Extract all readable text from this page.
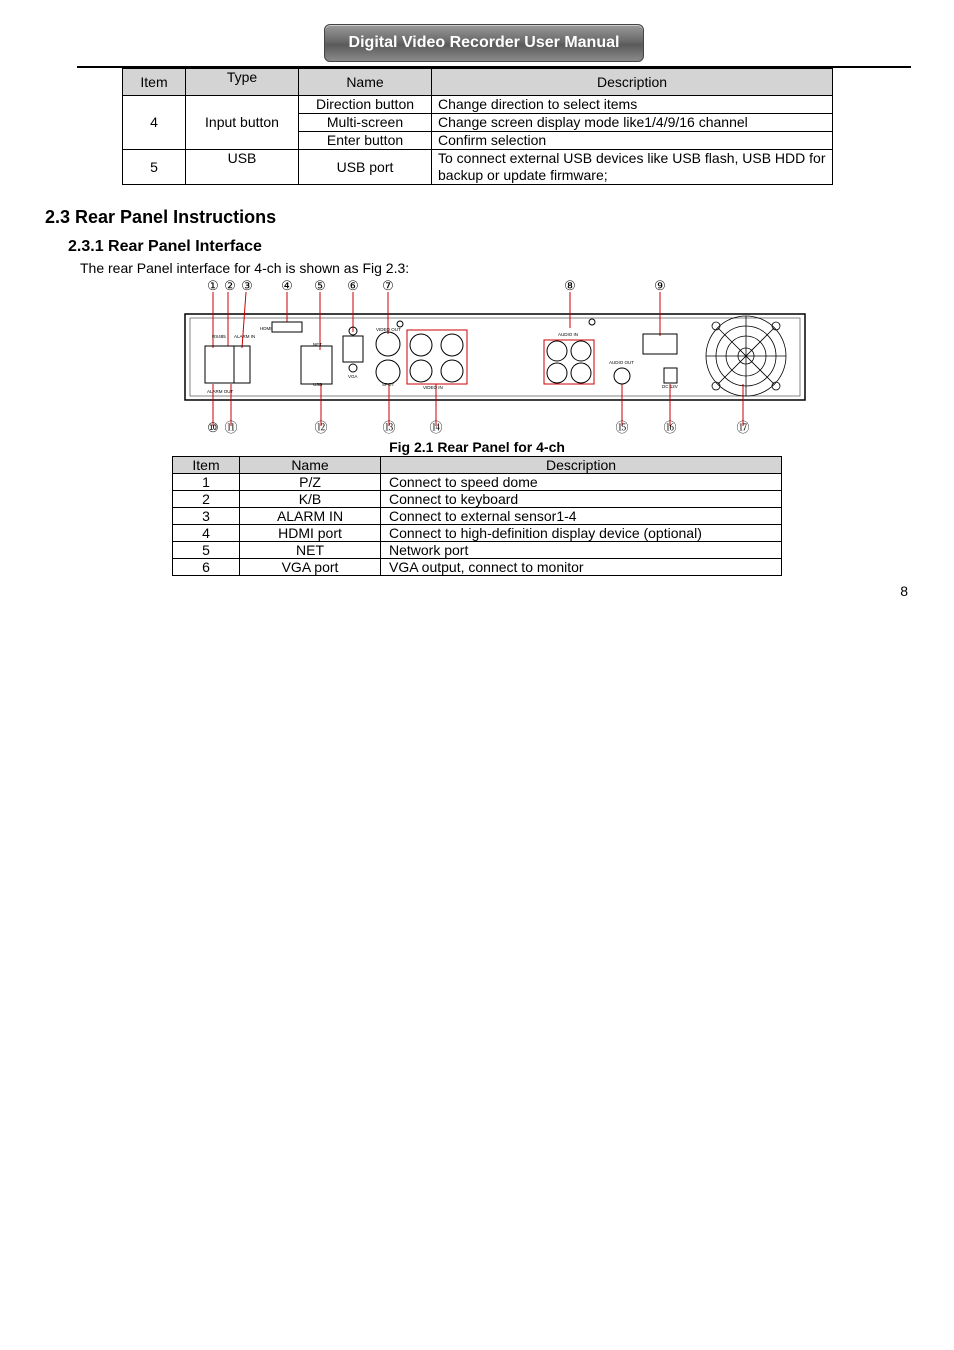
Digital Video Recorder User Manual
Item	Type	Name	Description
4	Input button	Direction button	Change direction to select items
		Multi-screen	Change screen display mode like1/4/9/16 channel
		Enter button	Confirm selection
5	USB	USB port	To connect external USB devices like USB flash, USB HDD for backup or update firmware;
2.3 Rear Panel Instructions
2.3.1 Rear Panel Interface
The rear Panel interface for 4-ch is shown as Fig 2.3:
RS485 ALARM IN
HDMI
NET
USB
VGA
VIDEO OUT
SPOT
VIDEO IN
AUDIO IN
AUDIO OUT
DC 12V
ALARM OUT
① ② ③ ④ ⑤ ⑥ ⑦	⑧	⑨
⑩ ⑪	⑫	⑬	⑭	⑮	⑯	⑰
Fig 2.1 Rear Panel for 4-ch
Item	Name	Description
1	P/Z	Connect to speed dome
2	K/B	Connect to keyboard
3	ALARM IN	Connect to external sensor1-4
4	HDMI port	Connect to high-definition display device (optional)
5	NET	Network port
6	VGA port	VGA output, connect to monitor
8
